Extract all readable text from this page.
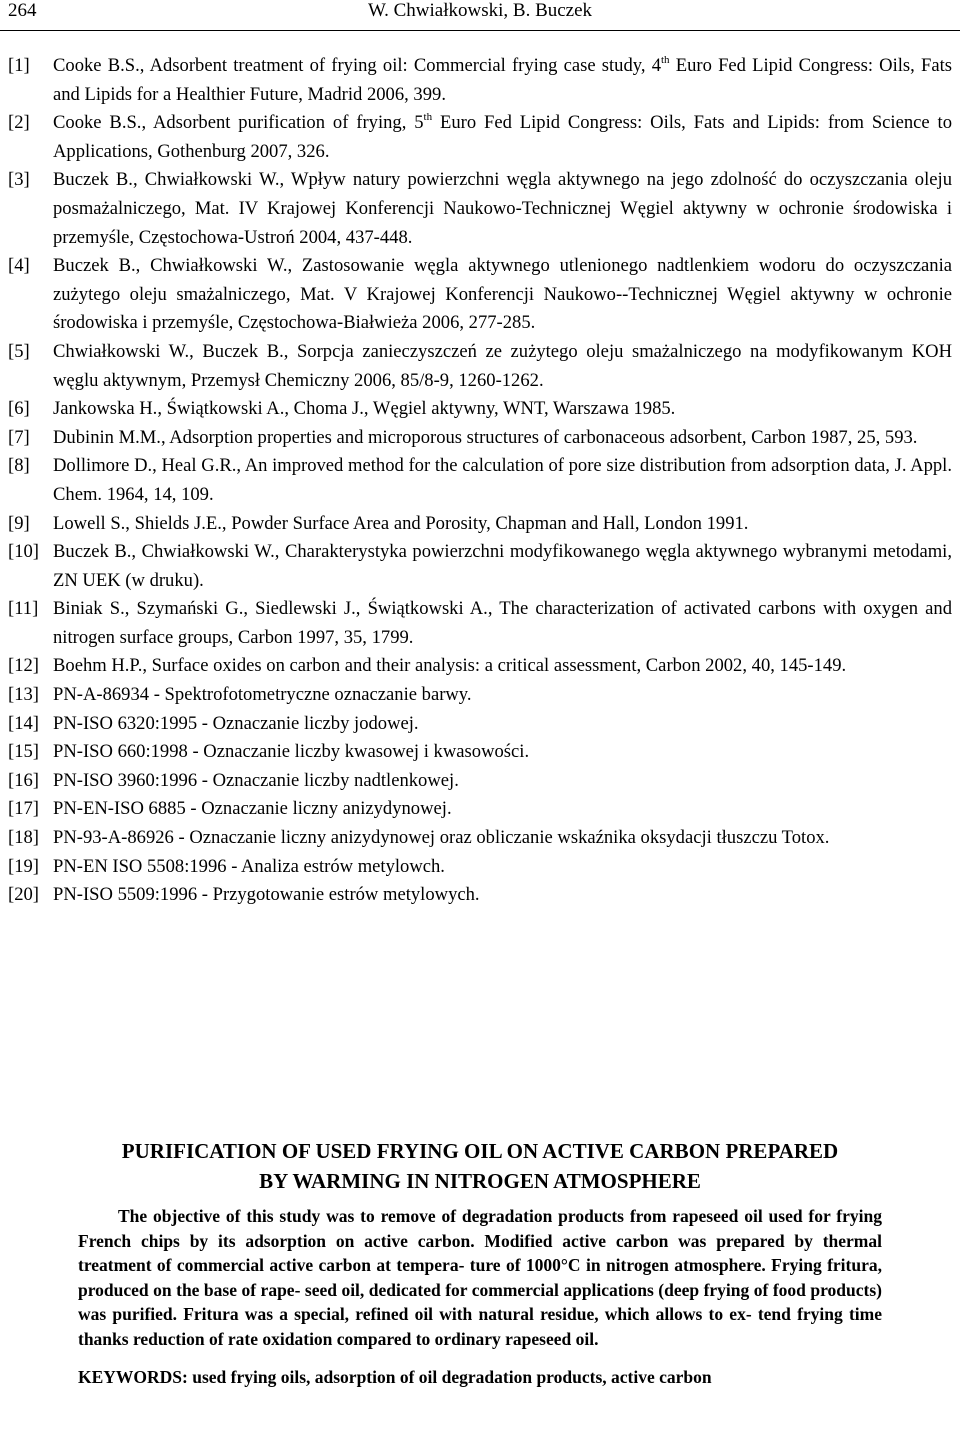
264	W. Chwiałkowski, B. Buczek
[1]	Cooke B.S., Adsorbent treatment of frying oil: Commercial frying case study, 4th Euro Fed Lipid Congress: Oils, Fats and Lipids for a Healthier Future, Madrid 2006, 399.
[2]	Cooke B.S., Adsorbent purification of frying, 5th Euro Fed Lipid Congress: Oils, Fats and Lipids: from Science to Applications, Gothenburg 2007, 326.
[3]	Buczek B., Chwiałkowski W., Wpływ natury powierzchni węgla aktywnego na jego zdolność do oczyszczania oleju posmażalniczego, Mat. IV Krajowej Konferencji Naukowo-Technicznej Węgiel aktywny w ochronie środowiska i przemyśle, Częstochowa-Ustroń 2004, 437-448.
[4]	Buczek B., Chwiałkowski W., Zastosowanie węgla aktywnego utlenionego nadtlenkiem wodoru do oczyszczania zużytego oleju smażalniczego, Mat. V Krajowej Konferencji Naukowo--Technicznej Węgiel aktywny w ochronie środowiska i przemyśle, Częstochowa-Białwieża 2006, 277-285.
[5]	Chwiałkowski W., Buczek B., Sorpcja zanieczyszczeń ze zużytego oleju smażalniczego na modyfikowanym KOH węglu aktywnym, Przemysł Chemiczny 2006, 85/8-9, 1260-1262.
[6]	Jankowska H., Świątkowski A., Choma J., Węgiel aktywny, WNT, Warszawa 1985.
[7]	Dubinin M.M., Adsorption properties and microporous structures of carbonaceous adsorbent, Carbon 1987, 25, 593.
[8]	Dollimore D., Heal G.R., An improved method for the calculation of pore size distribution from adsorption data, J. Appl. Chem. 1964, 14, 109.
[9]	Lowell S., Shields J.E., Powder Surface Area and Porosity, Chapman and Hall, London 1991.
[10] Buczek B., Chwiałkowski W., Charakterystyka powierzchni modyfikowanego węgla aktywnego wybranymi metodami, ZN UEK (w druku).
[11] Biniak S., Szymański G., Siedlewski J., Świątkowski A., The characterization of activated carbons with oxygen and nitrogen surface groups, Carbon 1997, 35, 1799.
[12] Boehm H.P., Surface oxides on carbon and their analysis: a critical assessment, Carbon 2002, 40, 145-149.
[13] PN-A-86934 - Spektrofotometryczne oznaczanie barwy.
[14] PN-ISO 6320:1995 - Oznaczanie liczby jodowej.
[15] PN-ISO 660:1998 - Oznaczanie liczby kwasowej i kwasowości.
[16] PN-ISO 3960:1996 - Oznaczanie liczby nadtlenkowej.
[17] PN-EN-ISO 6885 - Oznaczanie liczny anizydynowej.
[18] PN-93-A-86926 - Oznaczanie liczny anizydynowej oraz obliczanie wskaźnika oksydacji tłuszczu Totox.
[19] PN-EN ISO 5508:1996 - Analiza estrów metylowch.
[20] PN-ISO 5509:1996 - Przygotowanie estrów metylowych.

PURIFICATION OF USED FRYING OIL ON ACTIVE CARBON PREPARED
BY WARMING IN NITROGEN ATMOSPHERE

The objective of this study was to remove of degradation products from rapeseed oil used for frying French chips by its adsorption on active carbon. Modified active carbon was prepared by thermal treatment of commercial active carbon at tempera- ture of 1000°C in nitrogen atmosphere. Frying fritura, produced on the base of rape- seed oil, dedicated for commercial applications (deep frying of food products) was purified. Fritura was a special, refined oil with natural residue, which allows to ex- tend frying time thanks reduction of rate oxidation compared to ordinary rapeseed oil.

KEYWORDS: used frying oils, adsorption of oil degradation products, active carbon
